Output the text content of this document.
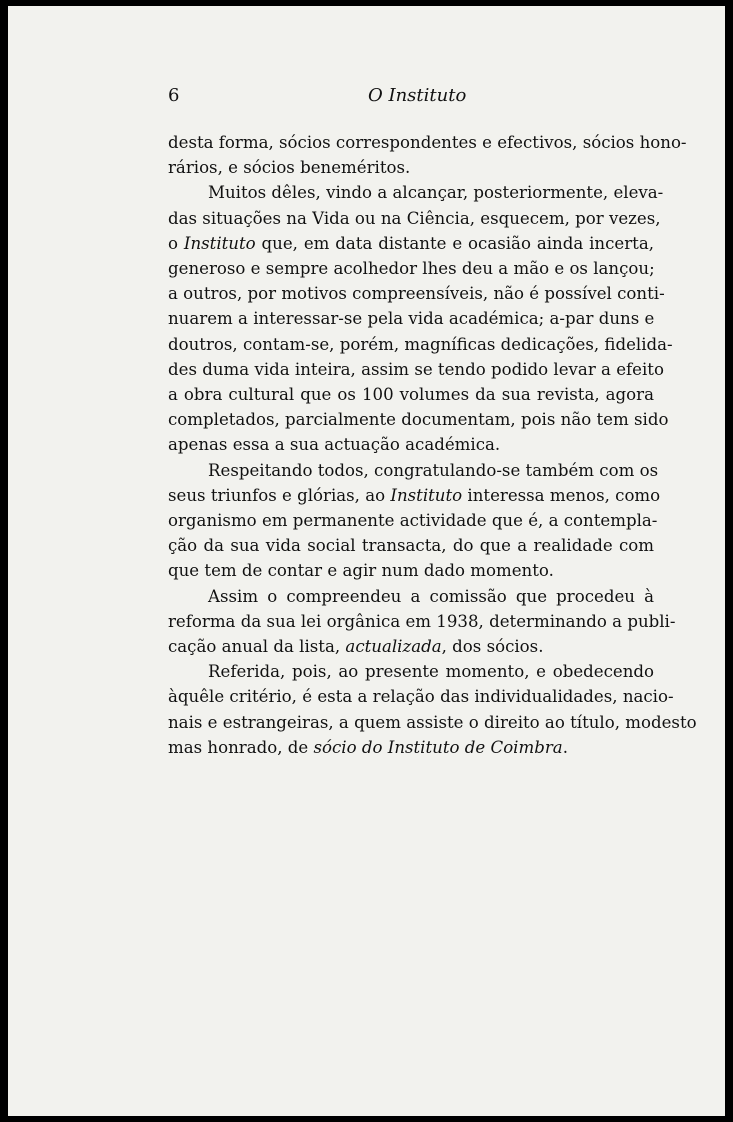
6	O Instituto
desta forma, sócios correspondentes e efectivos, sócios hono-
rários, e sócios beneméritos.
Muitos dêles, vindo a alcançar, posteriormente, eleva-
das situações na Vida ou na Ciência, esquecem, por vezes,
o Instituto que, em data distante e ocasião ainda incerta,
generoso e sempre acolhedor lhes deu a mão e os lançou;
a outros, por motivos compreensíveis, não é possível conti-
nuarem a interessar-se pela vida académica; a-par duns e
doutros, contam-se, porém, magníficas dedicações, fidelida-
des duma vida inteira, assim se tendo podido levar a efeito
a obra cultural que os 100 volumes da sua revista, agora
completados, parcialmente documentam, pois não tem sido
apenas essa a sua actuação académica.
Respeitando todos, congratulando-se também com os
seus triunfos e glórias, ao Instituto interessa menos, como
organismo em permanente actividade que é, a contempla-
ção da sua vida social transacta, do que a realidade com
que tem de contar e agir num dado momento.
Assim o compreendeu a comissão que procedeu à
reforma da sua lei orgânica em 1938, determinando a publi-
cação anual da lista, actualizada, dos sócios.
Referida, pois, ao presente momento, e obedecendo
àquêle critério, é esta a relação das individualidades, nacio-
nais e estrangeiras, a quem assiste o direito ao título, modesto
mas honrado, de sócio do Instituto de Coimbra.
